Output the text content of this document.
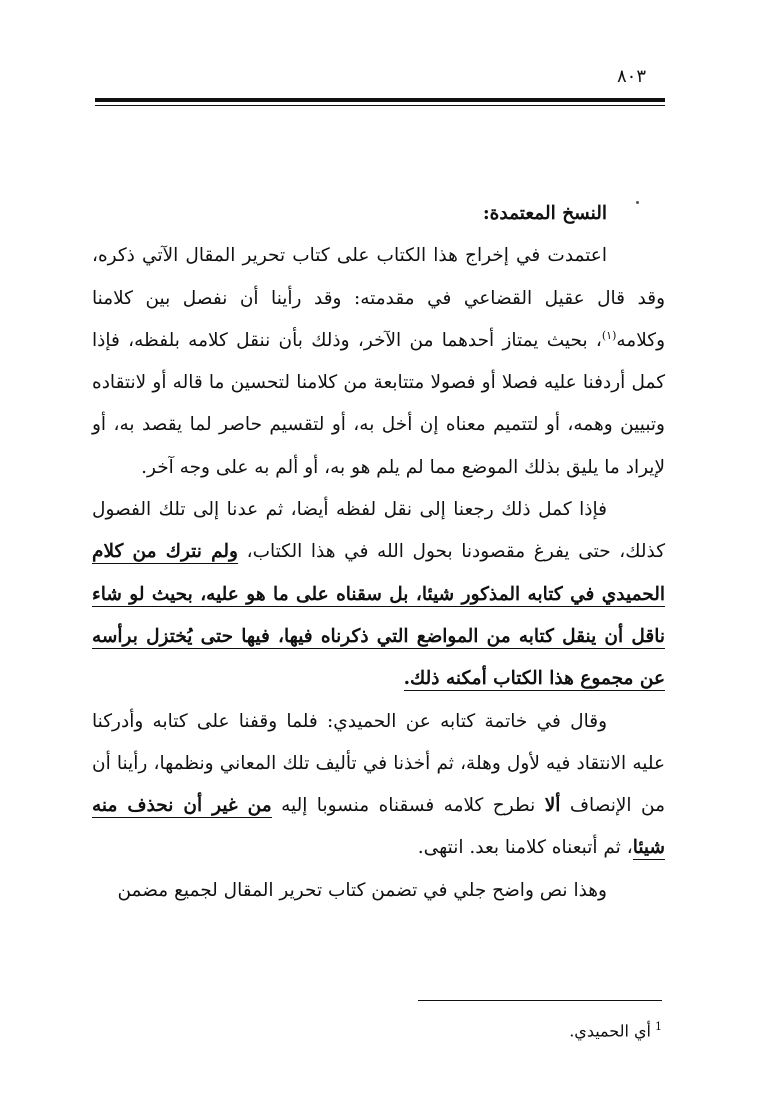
٨٠٣

النسخ المعتمدة:

اعتمدت في إخراج هذا الكتاب على كتاب تحرير المقال الآتي ذكره، وقد قال عقيل القضاعي في مقدمته: وقد رأينا أن نفصل بين كلامنا وكلامه$^{(١)}$، بحيث يمتاز أحدهما من الآخر، وذلك بأن ننقل كلامه بلفظه، فإذا كمل أردفنا عليه فصلا أو فصولا متتابعة من كلامنا لتحسين ما قاله أو لانتقاده وتبيين وهمه، أو لتتميم معناه إن أخل به، أو لتقسيم حاصر لما يقصد به، أو لإيراد ما يليق بذلك الموضع مما لم يلم هو به، أو ألم به على وجه آخر.

فإذا كمل ذلك رجعنا إلى نقل لفظه أيضا، ثم عدنا إلى تلك الفصول كذلك، حتى يفرغ مقصودنا بحول الله في هذا الكتاب، ولم نترك من كلام الحميدي في كتابه المذكور شيئا، بل سقناه على ما هو عليه، بحيث لو شاء ناقل أن ينقل كتابه من المواضع التي ذكرناه فيها، فيها حتى يُختزل برأسه عن مجموع هذا الكتاب أمكنه ذلك.

وقال في خاتمة كتابه عن الحميدي: فلما وقفنا على كتابه وأدركنا عليه الانتقاد فيه لأول وهلة، ثم أخذنا في تأليف تلك المعاني ونظمها، رأينا أن من الإنصاف ألا نطرح كلامه فسقناه منسوبا إليه من غير أن نحذف منه شيئا، ثم أتبعناه كلامنا بعد. انتهى.

وهذا نص واضح جلي في تضمن كتاب تحرير المقال لجميع مضمن

$^1$أي الحميدي.
